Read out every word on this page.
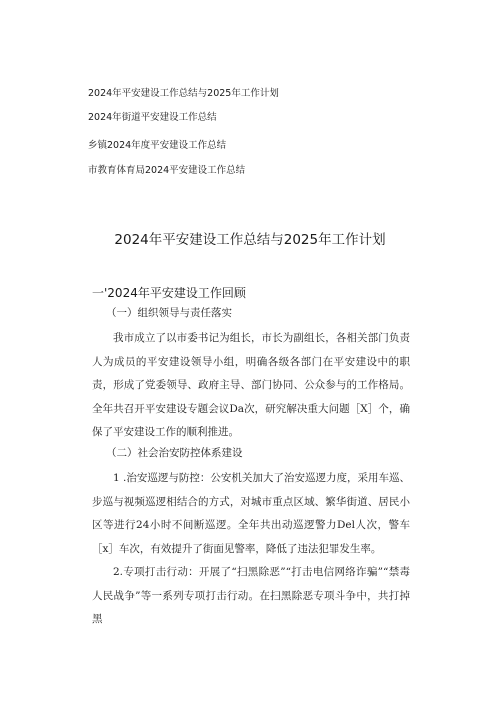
2024年平安建设工作总结与2025年工作计划

2024年街道平安建设工作总结

乡镇2024年度平安建设工作总结

市教育体育局2024平安建设工作总结

2024年平安建设工作总结与2025年工作计划
一'2024年平安建设工作回顾
（一）组织领导与责任落实

我市成立了以市委书记为组长，市长为副组长，各相关部门负责人为成员的平安建设领导小组，明确各级各部门在平安建设中的职责，形成了党委领导、政府主导、部门协同、公众参与的工作格局。全年共召开平安建设专题会议Da次，研究解决重大问题［X］个，确保了平安建设工作的顺利推进。

（二）社会治安防控体系建设

1 .治安巡逻与防控：公安机关加大了治安巡逻力度，采用车巡、步巡与视频巡逻相结合的方式，对城市重点区域、繁华街道、居民小区等进行24小时不间断巡逻。全年共出动巡逻警力Del人次，警车［x］车次，有效提升了街面见警率，降低了违法犯罪发生率。

2.专项打击行动：开展了“扫黑除恶”“打击电信网络诈骗”“禁毒人民战争”等一系列专项打击行动。在扫黑除恶专项斗争中，共打掉黑
